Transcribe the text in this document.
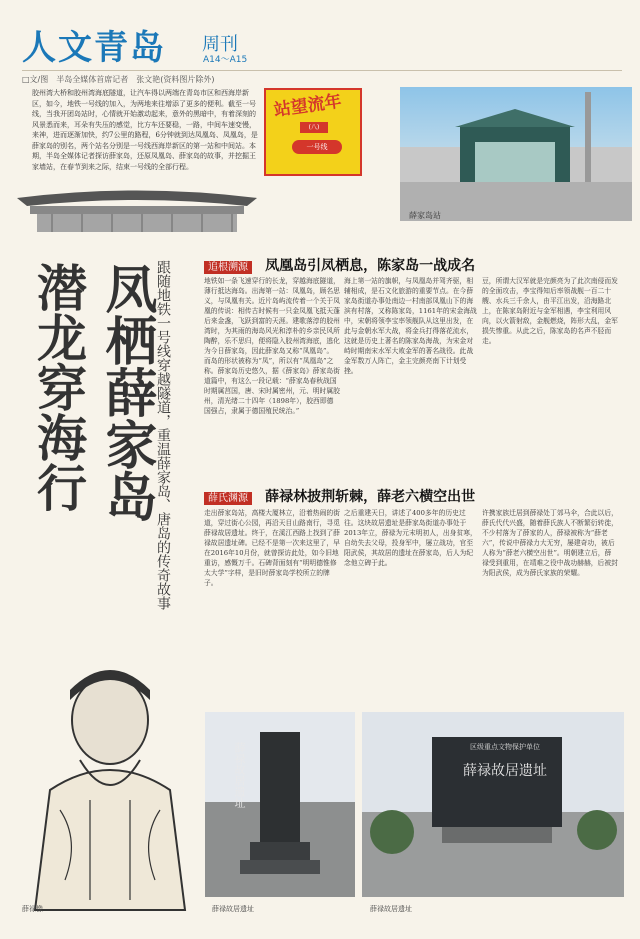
人文青岛 周刊
A14～A15
□文/图　半岛全媒体首席记者　张文艳(资料图片除外)
胶州湾大桥和胶州湾海底隧道，让汽车得以两端在青岛市区和西海岸新区，如今，地铁一号线的加入，为两地来往增添了更多的便利。截至一号线，当我开团岛站时，心情就开始激动起来，意外的黑暗中，有着深刻的风景悉而来，耳朵有失压的感觉，比方车还要稳，一路，中间车速变慢，来神，进而逐渐加快，约7公里的路程，6分钟就到达凤凰岛、凤凰岛，是薛家岛的别名，两个站名分别是一号线西海岸新区的第一站和中间站。本期，半岛全媒体记者探访薛家岛，还原凤凰岛、薛家岛的故事，并挖掘王家墙站，在春节到来之际，结束一号线的全部行程。
站望流年
(八)
一号线
薛家岛站
凤栖薛家岛
潜龙穿海行	跟随地铁一号线穿越隧道，重温薛家岛、唐岛的传奇故事	追根溯源 凤凰岛引凤栖息，陈家岛一战成名
地铁如一条飞速穿行的长龙，穿越海底隧道，薄行抵达海岛。出海第一站：凤凰岛，顾名思义，与凤凰有关。近片岛屿流传着一个关于凤凰的传说：相传古时候有一只金凤凰飞抵天蓬后来金盏，飞跃到富的天涯。建歌落淳的胶州湾时，为其雨的海岛风光和淳朴的乡亲民风所陶醉，乐不思归，便将隐入胶州湾海底，逃化为今日薛家岛，因此薛家岛又称“凤凰岛”。而岛的形状被称为“凤”，所以有“凤凰岛”之称。薛家岛历史悠久，据《薛家岛》薛家岛街道篇中，有这么一段记载：“薛家岛春秋战国时期属莒国，唐、宋时属密州，元、明时属胶州，清光绪二十四年（1898年），胶西即德国强占，隶属于德国殖民统治。”
海上第一站的旗帜，与凤凰岛并驾齐驱，相辅相成，是石文化旅游的重要节点。在今薛家岛街道办事处南边一村南部凤凰山下的海滨有村落，又称陈家岛，1161年的宋金海战中，宋朝将领李宝率领舰队从这里出发，在此与金朝水军大战，将金兵打得落花流水，这就是历史上著名的陈家岛海战，为宋金对峙时期南宋水军大败金军的著名战役。此战金军数万人阵亡，金主完颜亮南下计划受挫。
豆，所谓大汉军就是完颜亮为了此次南侵而发的全面攻击，李宝得知后率领战舰一百二十艘、水兵三千余人，由平江出发，沿海路北上，在陈家岛附近与金军相遇，李宝利用风向，以火箭射敌，金舰燃烧，阵形大乱，金军损失惨重。从此之后，陈家岛的名声不胫而走。
薛氏渊源 薛禄林披荆斩棘，薛老六横空出世
走出薛家岛站，高楼大厦林立，沿着热闹的街道，穿过街心公园，再沿天目山路南行，寻觅薛禄故居遗址。终于，在溪江西路上找到了薛禄故居遗址碑。已经不是第一次来这里了，早在2016年10月份，就曾探访此处，如今旧地重访，感慨万千。石碑背面刻有“明明德惟修太大学”字样，是旧时薛家岛学校所立的牌子。
之后重建天日，讲述了400多年的历史过往。这块故居遗址是薛家岛街道办事处于2013年立，薛禄为元末明初人，出身贫寒，自幼失去父母，投身军中，屡立战功，官至阳武侯，其故居的遗址在薛家岛，后人为纪念他立碑于此。
许携家族迁居到薛禄处丁郊马伞，合此以后，薛氏代代兴盛，随着薛氏族人不断繁衍转徙，不少村落为了薛家的人，薛禄被称为“薛老六”，传说中薛禄力大无穷，屡建奇功，被后人称为“薛老六横空出世”。明朝建立后，薛禄受到重用，在靖难之役中战功赫赫，后被封为阳武侯，成为薛氏家族的荣耀。
薛禄像
薛禄故居遗址
薛禄故居遗址
区级重点文物保护单位
薛禄故居遗址
薛禄故居遗址
